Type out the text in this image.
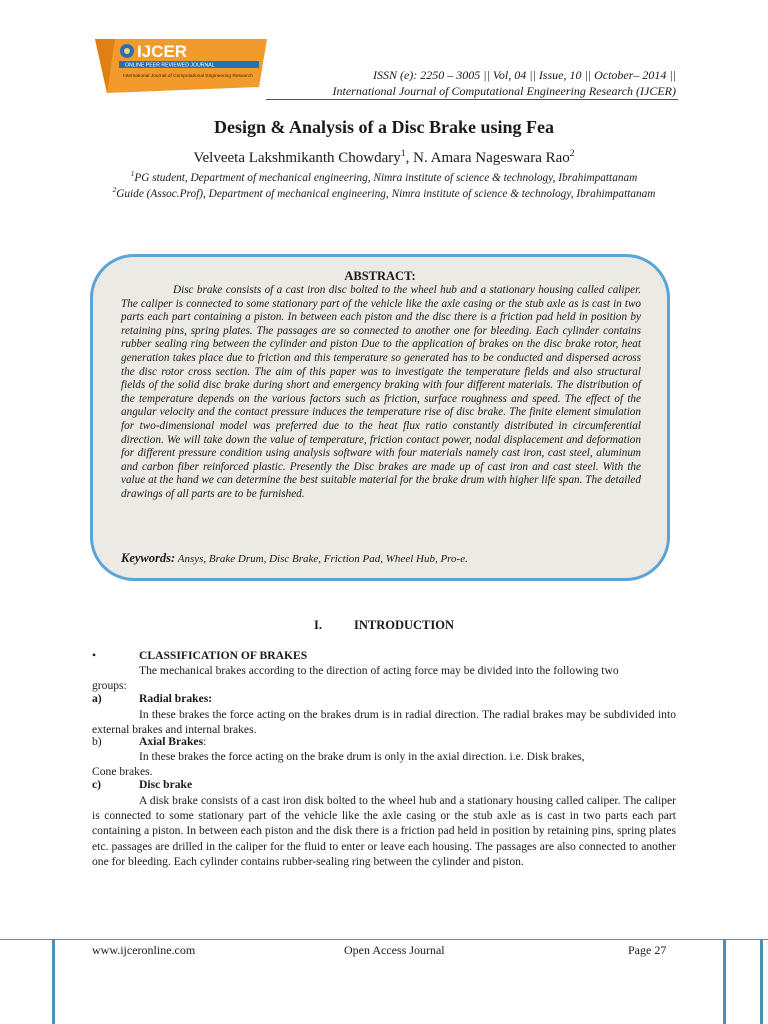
IJCER
ONLINE PEER REVIEWED JOURNAL
International Journal of Computational Engineering Research	ISSN (e): 2250 – 3005 || Vol, 04 || Issue, 10 || October– 2014 ||
International Journal of Computational Engineering Research (IJCER)
Design & Analysis of a Disc Brake using Fea
Velveeta Lakshmikanth Chowdary$^1$, N. Amara Nageswara Rao$^2$
$^1$PG student, Department of mechanical engineering, Nimra institute of science & technology, Ibrahimpattanam
$^2$Guide (Assoc.Prof), Department of mechanical engineering, Nimra institute of science & technology, Ibrahimpattanam
ABSTRACT:

Disc brake consists of a cast iron disc bolted to the wheel hub and a stationary housing called caliper. The caliper is connected to some stationary part of the vehicle like the axle casing or the stub axle as is cast in two parts each part containing a piston. In between each piston and the disc there is a friction pad held in position by retaining pins, spring plates. The passages are so connected to another one for bleeding. Each cylinder contains rubber sealing ring between the cylinder and piston Due to the application of brakes on the disc brake rotor, heat generation takes place due to friction and this temperature so generated has to be conducted and dispersed across the disc rotor cross section. The aim of this paper was to investigate the temperature fields and also structural fields of the solid disc brake during short and emergency braking with four different materials. The distribution of the temperature depends on the various factors such as friction, surface roughness and speed. The effect of the angular velocity and the contact pressure induces the temperature rise of disc brake. The finite element simulation for two-dimensional model was preferred due to the heat flux ratio constantly distributed in circumferential direction. We will take down the value of temperature, friction contact power, nodal displacement and deformation for different pressure condition using analysis software with four materials namely cast iron, cast steel, aluminum and carbon fiber reinforced plastic. Presently the Disc brakes are made up of cast iron and cast steel. With the value at the hand we can determine the best suitable material for the brake drum with higher life span. The detailed drawings of all parts are to be furnished.

Keywords: Ansys, Brake Drum, Disc Brake, Friction Pad, Wheel Hub, Pro-e.
I.	INTRODUCTION
•	CLASSIFICATION OF BRAKES
The mechanical brakes according to the direction of acting force may be divided into the following two
groups:
a)	Radial brakes:

In these brakes the force acting on the brakes drum is in radial direction. The radial brakes may be subdivided into external brakes and internal brakes.

b)	Axial Brakes:
In these brakes the force acting on the brake drum is only in the axial direction. i.e. Disk brakes,
Cone brakes.
c)	Disc brake

A disk brake consists of a cast iron disk bolted to the wheel hub and a stationary housing called caliper. The caliper is connected to some stationary part of the vehicle like the axle casing or the stub axle as is cast in two parts each part containing a piston. In between each piston and the disk there is a friction pad held in position by retaining pins, spring plates etc. passages are drilled in the caliper for the fluid to enter or leave each housing. The passages are also connected to another one for bleeding. Each cylinder contains rubber-sealing ring between the cylinder and piston.

www.ijceronline.com	Open Access Journal	Page 27
